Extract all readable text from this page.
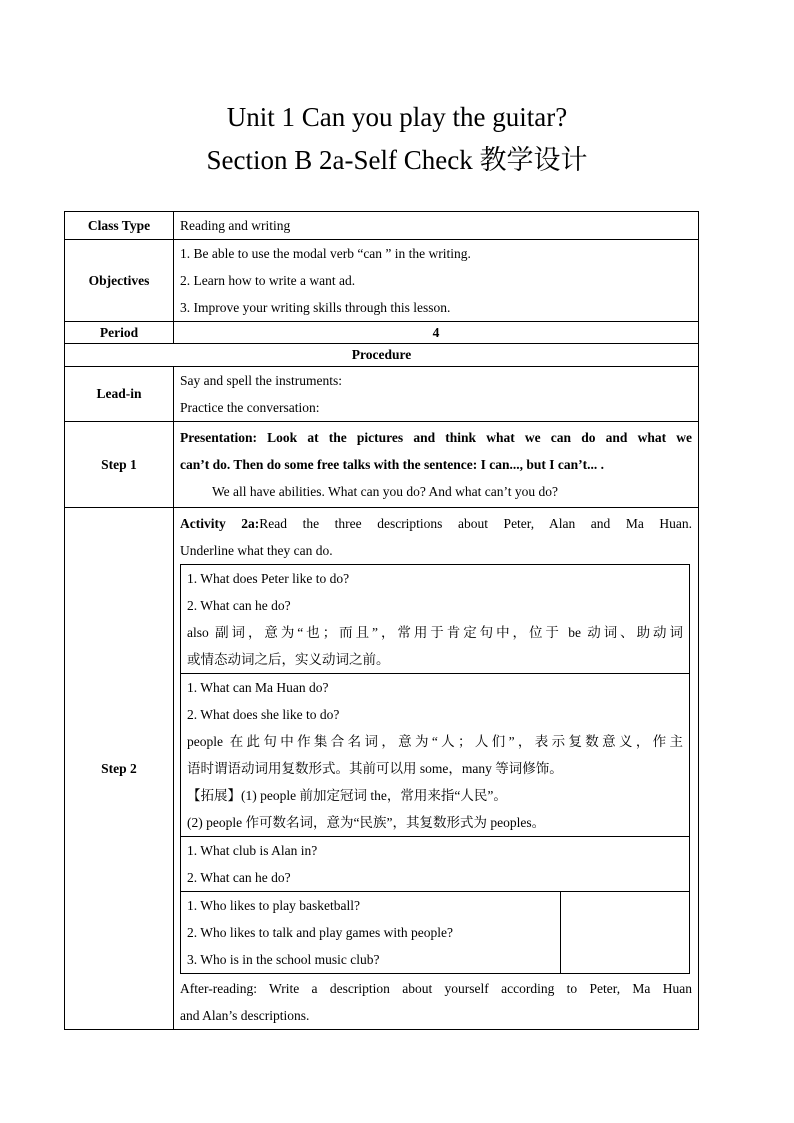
Unit 1 Can you play the guitar?
Section B 2a-Self Check 教学设计
Class Type	Reading and writing

Objectives	
1. Be able to use the modal verb “can ” in the writing.
2. Learn how to write a want ad.
3. Improve your writing skills through this lesson.

Period	4
Procedure
Lead-in	
Say and spell the instruments:
Practice the conversation:

Step 1	
Presentation: Look at the pictures and think what we can do and what we
can’t do. Then do some free talks with the sentence: I can..., but I can’t... .
We all have abilities. What can you do? And what can’t you do?

Step 2	
Activity 2a:Read the three descriptions about Peter, Alan and Ma Huan.
Underline what they can do.
1. What does Peter like to do?
2. What can he do?
also 副词，意为“也；而且”，常用于肯定句中，位于 be 动词、助动词
或情态动词之后，实义动词之前。

1. What can Ma Huan do?
2. What does she like to do?
people 在此句中作集合名词，意为“人；人们”，表示复数意义，作主
语时谓语动词用复数形式。其前可以用 some，many 等词修饰。
【拓展】(1) people 前加定冠词 the，常用来指“人民”。
(2) people 作可数名词，意为“民族”，其复数形式为 peoples。

1. What club is Alan in?
2. What can he do?

1. Who likes to play basketball?
2. Who likes to talk and play games with people?
3. Who is in the school music club?

After-reading: Write a description about yourself according to Peter, Ma Huan
and Alan’s descriptions.
